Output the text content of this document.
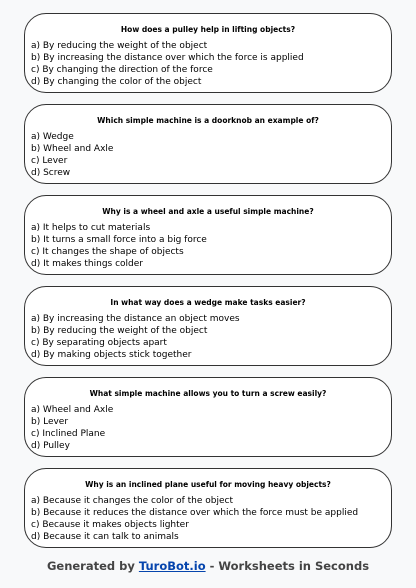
How does a pulley help in lifting objects?
a) By reducing the weight of the object
b) By increasing the distance over which the force is applied
c) By changing the direction of the force
d) By changing the color of the object
Which simple machine is a doorknob an example of?
a) Wedge
b) Wheel and Axle
c) Lever
d) Screw
Why is a wheel and axle a useful simple machine?
a) It helps to cut materials
b) It turns a small force into a big force
c) It changes the shape of objects
d) It makes things colder
In what way does a wedge make tasks easier?
a) By increasing the distance an object moves
b) By reducing the weight of the object
c) By separating objects apart
d) By making objects stick together
What simple machine allows you to turn a screw easily?
a) Wheel and Axle
b) Lever
c) Inclined Plane
d) Pulley
Why is an inclined plane useful for moving heavy objects?
a) Because it changes the color of the object
b) Because it reduces the distance over which the force must be applied
c) Because it makes objects lighter
d) Because it can talk to animals
Generated by TuroBot.io - Worksheets in Seconds
